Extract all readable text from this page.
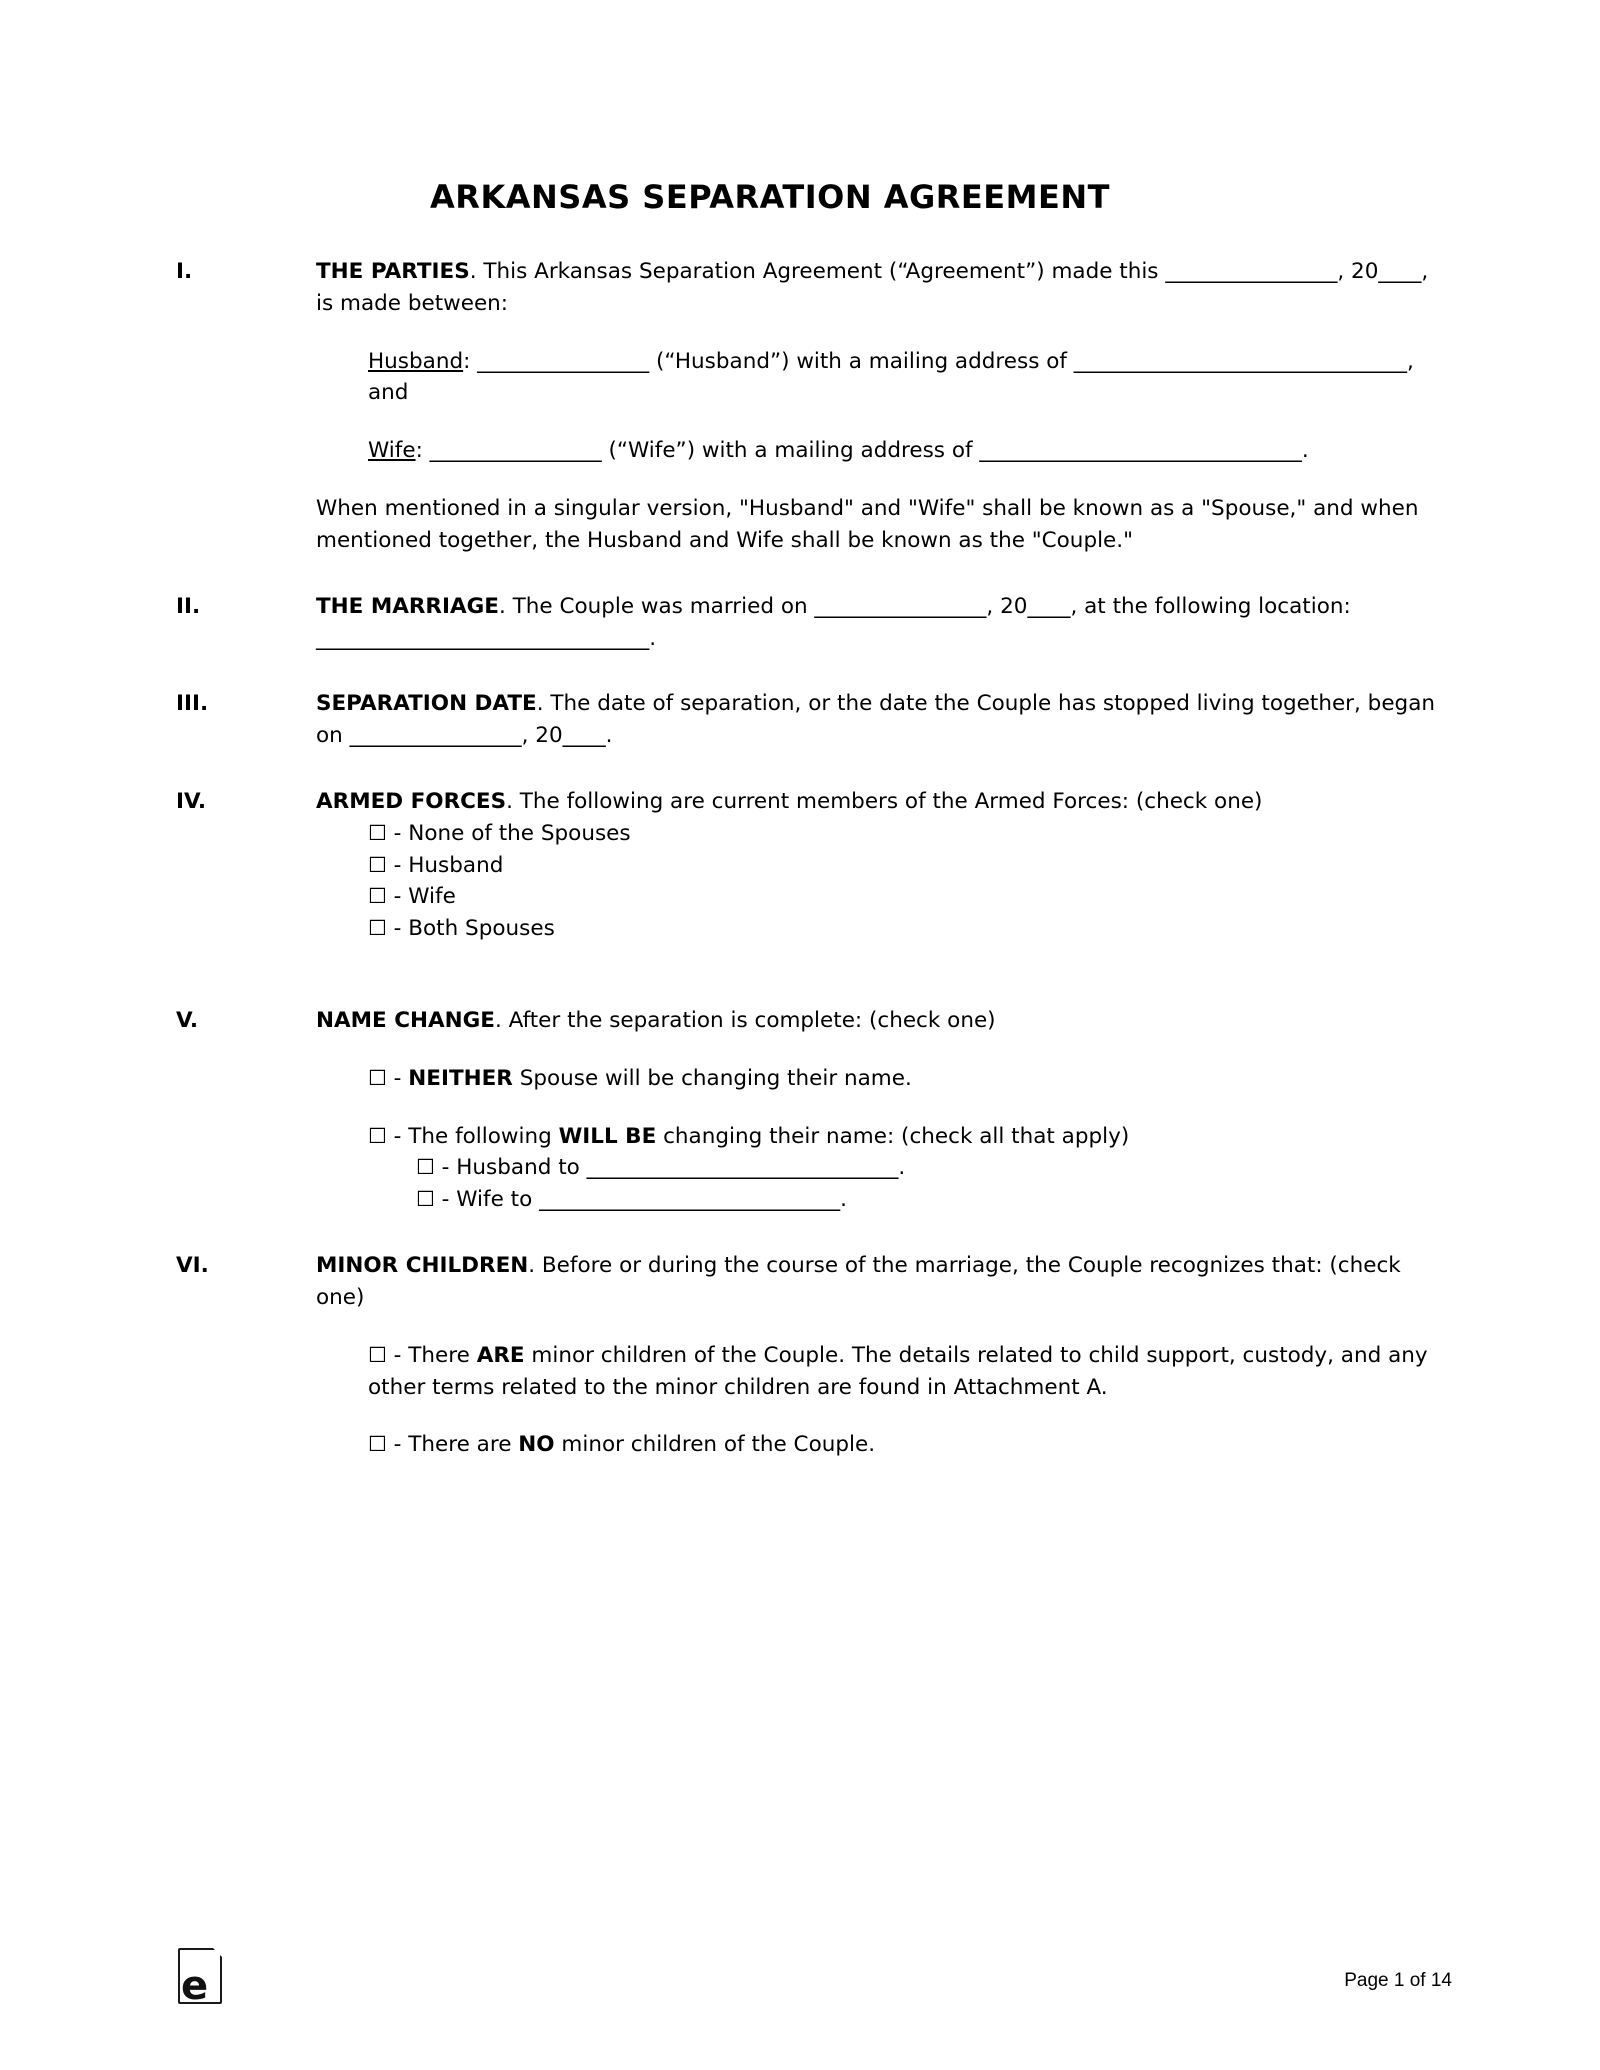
ARKANSAS SEPARATION AGREEMENT
I.	THE PARTIES. This Arkansas Separation Agreement (“Agreement”) made this ________________, 20____, is made between:

Husband: ________________ (“Husband”) with a mailing address of _______________________________, and

Wife: ________________ (“Wife”) with a mailing address of ______________________________.

When mentioned in a singular version, "Husband" and "Wife" shall be known as a "Spouse," and when mentioned together, the Husband and Wife shall be known as the "Couple."

II.	THE MARRIAGE. The Couple was married on ________________, 20____, at the following location: _______________________________.

III.	SEPARATION DATE. The date of separation, or the date the Couple has stopped living together, began on ________________, 20____.

IV.	ARMED FORCES. The following are current members of the Armed Forces: (check one)

☐ - None of the Spouses
☐ - Husband
☐ - Wife
☐ - Both Spouses
V.	NAME CHANGE. After the separation is complete: (check one)

☐ - NEITHER Spouse will be changing their name.
☐ - The following WILL BE changing their name: (check all that apply)
☐ - Husband to _____________________________.
☐ - Wife to ____________________________.
VI.	MINOR CHILDREN. Before or during the course of the marriage, the Couple recognizes that: (check one)

☐ - There ARE minor children of the Couple. The details related to child support, custody, and any other terms related to the minor children are found in Attachment A.

☐ - There are NO minor children of the Couple.

e	Page 1 of 14
